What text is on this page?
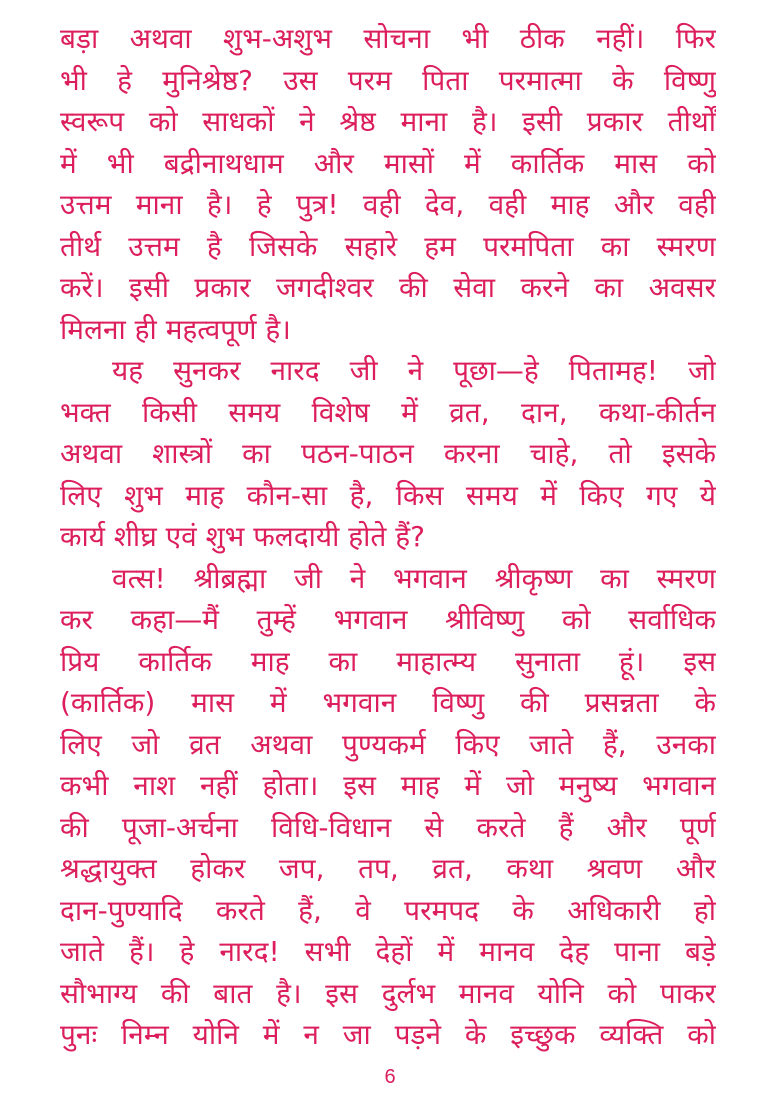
बड़ा अथवा शुभ-अशुभ सोचना भी ठीक नहीं। फिर
भी हे मुनिश्रेष्ठ? उस परम पिता परमात्मा के विष्णु
स्वरूप को साधकों ने श्रेष्ठ माना है। इसी प्रकार तीर्थों
में भी बद्रीनाथधाम और मासों में कार्तिक मास को
उत्तम माना है। हे पुत्र! वही देव, वही माह और वही
तीर्थ उत्तम है जिसके सहारे हम परमपिता का स्मरण
करें। इसी प्रकार जगदीश्वर की सेवा करने का अवसर
मिलना ही महत्वपूर्ण है।
यह सुनकर नारद जी ने पूछा—हे पितामह! जो
भक्त किसी समय विशेष में व्रत, दान, कथा-कीर्तन
अथवा शास्त्रों का पठन-पाठन करना चाहे, तो इसके
लिए शुभ माह कौन-सा है, किस समय में किए गए ये
कार्य शीघ्र एवं शुभ फलदायी होते हैं?
वत्स! श्रीब्रह्मा जी ने भगवान श्रीकृष्ण का स्मरण
कर कहा—मैं तुम्हें भगवान श्रीविष्णु को सर्वाधिक
प्रिय कार्तिक माह का माहात्म्य सुनाता हूं। इस
(कार्तिक) मास में भगवान विष्णु की प्रसन्नता के
लिए जो व्रत अथवा पुण्यकर्म किए जाते हैं, उनका
कभी नाश नहीं होता। इस माह में जो मनुष्य भगवान
की पूजा-अर्चना विधि-विधान से करते हैं और पूर्ण
श्रद्धायुक्त होकर जप, तप, व्रत, कथा श्रवण और
दान-पुण्यादि करते हैं, वे परमपद के अधिकारी हो
जाते हैं। हे नारद! सभी देहों में मानव देह पाना बड़े
सौभाग्य की बात है। इस दुर्लभ मानव योनि को पाकर
पुनः निम्न योनि में न जा पड़ने के इच्छुक व्यक्ति को
6
